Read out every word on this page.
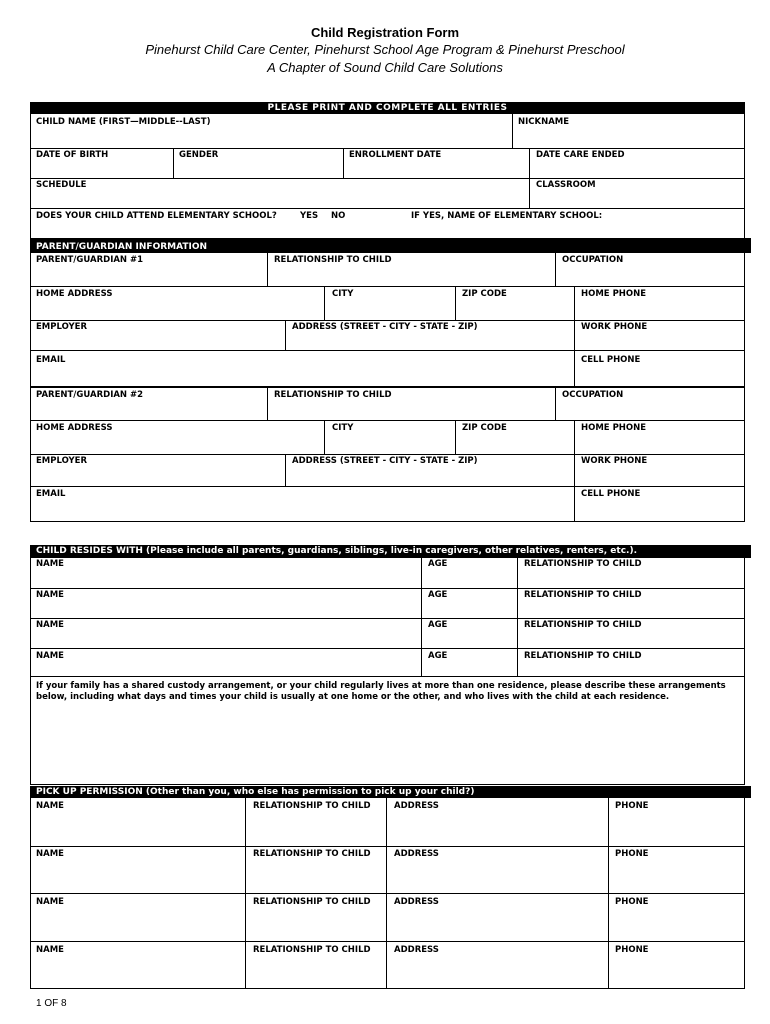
Child Registration Form
Pinehurst Child Care Center, Pinehurst School Age Program & Pinehurst Preschool
A Chapter of Sound Child Care Solutions
PLEASE PRINT AND COMPLETE ALL ENTRIES
CHILD NAME (FIRST—MIDDLE--LAST)	NICKNAME
DATE OF BIRTH	GENDER	ENROLLMENT DATE	DATE CARE ENDED
SCHEDULE	CLASSROOM
DOES YOUR CHILD ATTEND ELEMENTARY SCHOOL?	YES NO	IF YES, NAME OF ELEMENTARY SCHOOL:
PARENT/GUARDIAN INFORMATION
PARENT/GUARDIAN #1	RELATIONSHIP TO CHILD	OCCUPATION
HOME ADDRESS	CITY	ZIP CODE	HOME PHONE
EMPLOYER	ADDRESS (STREET - CITY - STATE - ZIP)	WORK PHONE
EMAIL	CELL PHONE
PARENT/GUARDIAN #2	RELATIONSHIP TO CHILD	OCCUPATION
HOME ADDRESS	CITY	ZIP CODE	HOME PHONE
EMPLOYER	ADDRESS (STREET - CITY - STATE - ZIP)	WORK PHONE
EMAIL	CELL PHONE
CHILD RESIDES WITH (Please include all parents, guardians, siblings, live-in caregivers, other relatives, renters, etc.).
NAME	AGE	RELATIONSHIP TO CHILD
NAME	AGE	RELATIONSHIP TO CHILD
NAME	AGE	RELATIONSHIP TO CHILD
NAME	AGE	RELATIONSHIP TO CHILD
If your family has a shared custody arrangement, or your child regularly lives at more than one residence, please describe these arrangements below, including what days and times your child is usually at one home or the other, and who lives with the child at each residence.
PICK UP PERMISSION (Other than you, who else has permission to pick up your child?)
NAME	RELATIONSHIP TO CHILD	ADDRESS	PHONE
NAME	RELATIONSHIP TO CHILD	ADDRESS	PHONE
NAME	RELATIONSHIP TO CHILD	ADDRESS	PHONE
NAME	RELATIONSHIP TO CHILD	ADDRESS	PHONE
1 OF 8
